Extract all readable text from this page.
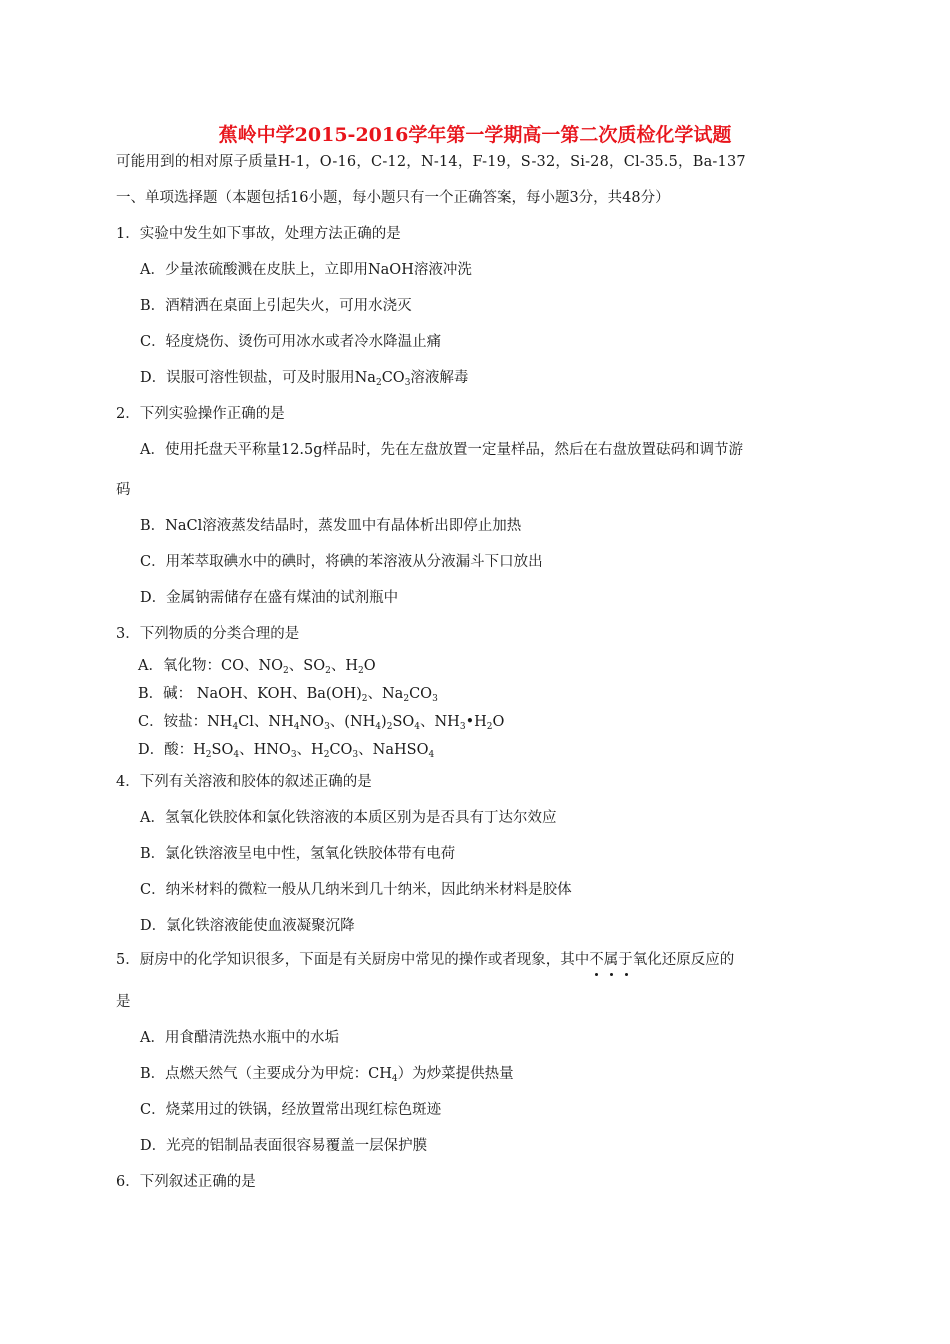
蕉岭中学2015-2016学年第一学期高一第二次质检化学试题
可能用到的相对原子质量H-1，O-16，C-12，N-14，F-19，S-32，Si-28，Cl-35.5，Ba-137
一、单项选择题（本题包括16小题，每小题只有一个正确答案，每小题3分，共48分）
1．实验中发生如下事故，处理方法正确的是
A．少量浓硫酸溅在皮肤上，立即用NaOH溶液冲洗
B．酒精洒在桌面上引起失火，可用水浇灭
C．轻度烧伤、烫伤可用冰水或者冷水降温止痛
D．误服可溶性钡盐，可及时服用$Na_2CO_3$溶液解毒
2．下列实验操作正确的是
A．使用托盘天平称量12.5g样品时，先在左盘放置一定量样品，然后在右盘放置砝码和调节游
码
B．NaCl溶液蒸发结晶时，蒸发皿中有晶体析出即停止加热
C．用苯萃取碘水中的碘时，将碘的苯溶液从分液漏斗下口放出
D．金属钠需储存在盛有煤油的试剂瓶中
3．下列物质的分类合理的是
A．氧化物：CO、$NO_2$、$SO_2$、$H_2O$
B．碱： NaOH、KOH、$Ba(OH)_2$、$Na_2CO_3$
C．铵盐：$NH_4Cl$、$NH_4NO_3$、$(NH_4)_2SO_4$、$NH_3•H_2O$
D．酸：$H_2SO_4$、$HNO_3$、$H_2CO_3$、NaHSO$_4$
4．下列有关溶液和胶体的叙述正确的是
A．氢氧化铁胶体和氯化铁溶液的本质区别为是否具有丁达尔效应
B．氯化铁溶液呈电中性，氢氧化铁胶体带有电荷
C．纳米材料的微粒一般从几纳米到几十纳米，因此纳米材料是胶体
D．氯化铁溶液能使血液凝聚沉降
5．厨房中的化学知识很多，下面是有关厨房中常见的操作或者现象，其中不属于
氧化还原反应的
是
A．用食醋清洗热水瓶中的水垢
B．点燃天然气（主要成分为甲烷：$CH_4$）为炒菜提供热量
C．烧菜用过的铁锅，经放置常出现红棕色斑迹
D．光亮的铝制品表面很容易覆盖一层保护膜
6．下列叙述正确的是
